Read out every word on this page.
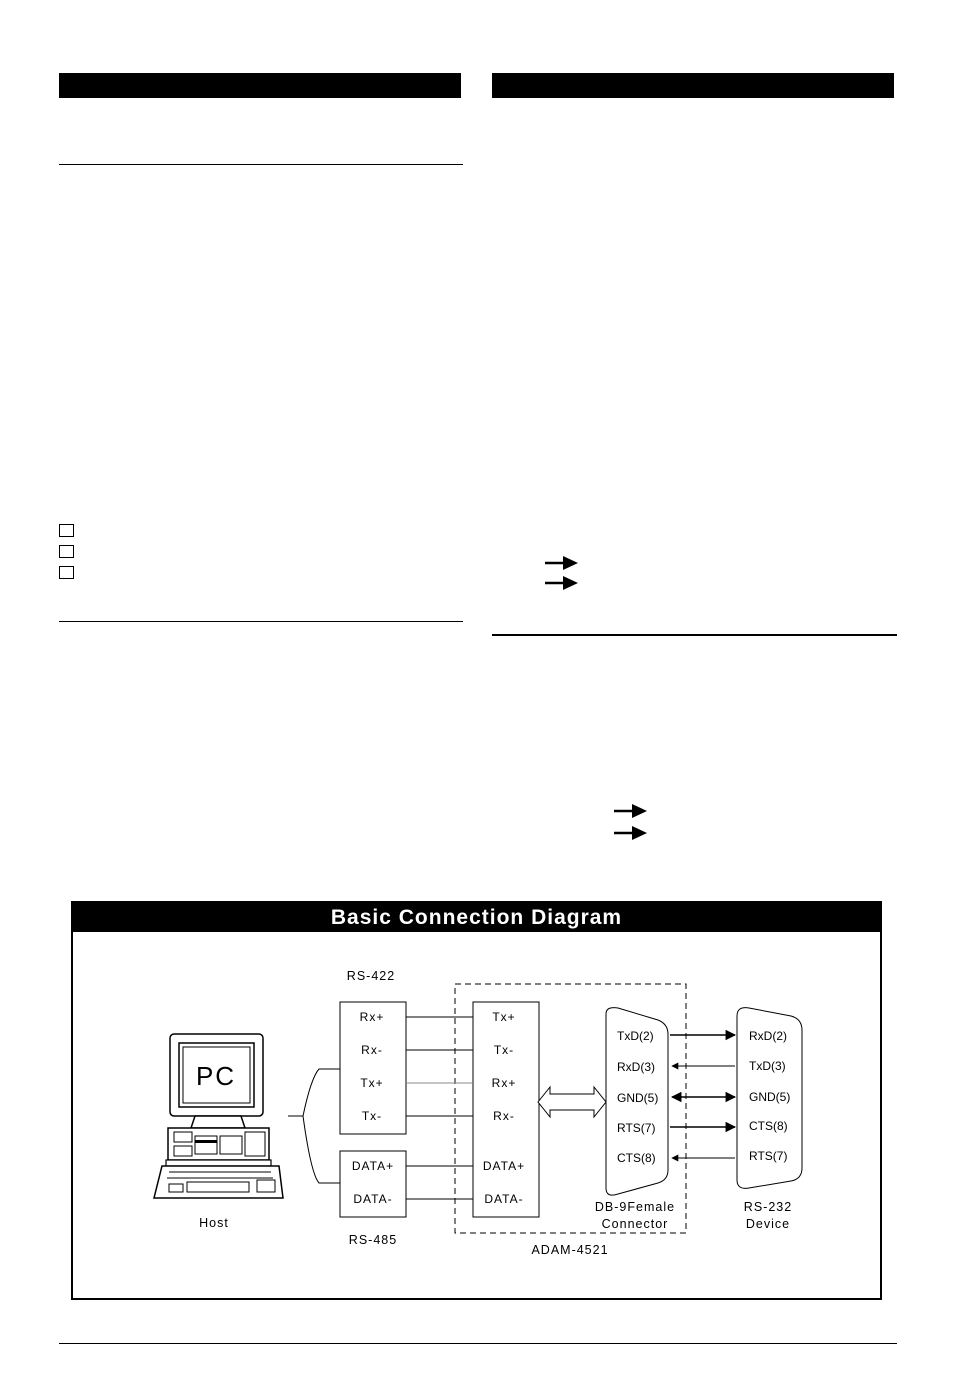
Basic Connection Diagram
PC
Host
RS-422
Rx+
Rx-
Tx+
Tx-
DATA+
DATA-
RS-485
ADAM-4521
Tx+
Tx-
Rx+
Rx-
DATA+
DATA-
TxD(2)
RxD(3)
GND(5)
RTS(7)
CTS(8)
DB-9Female
Connector
RxD(2)
TxD(3)
GND(5)
CTS(8)
RTS(7)
RS-232
Device
